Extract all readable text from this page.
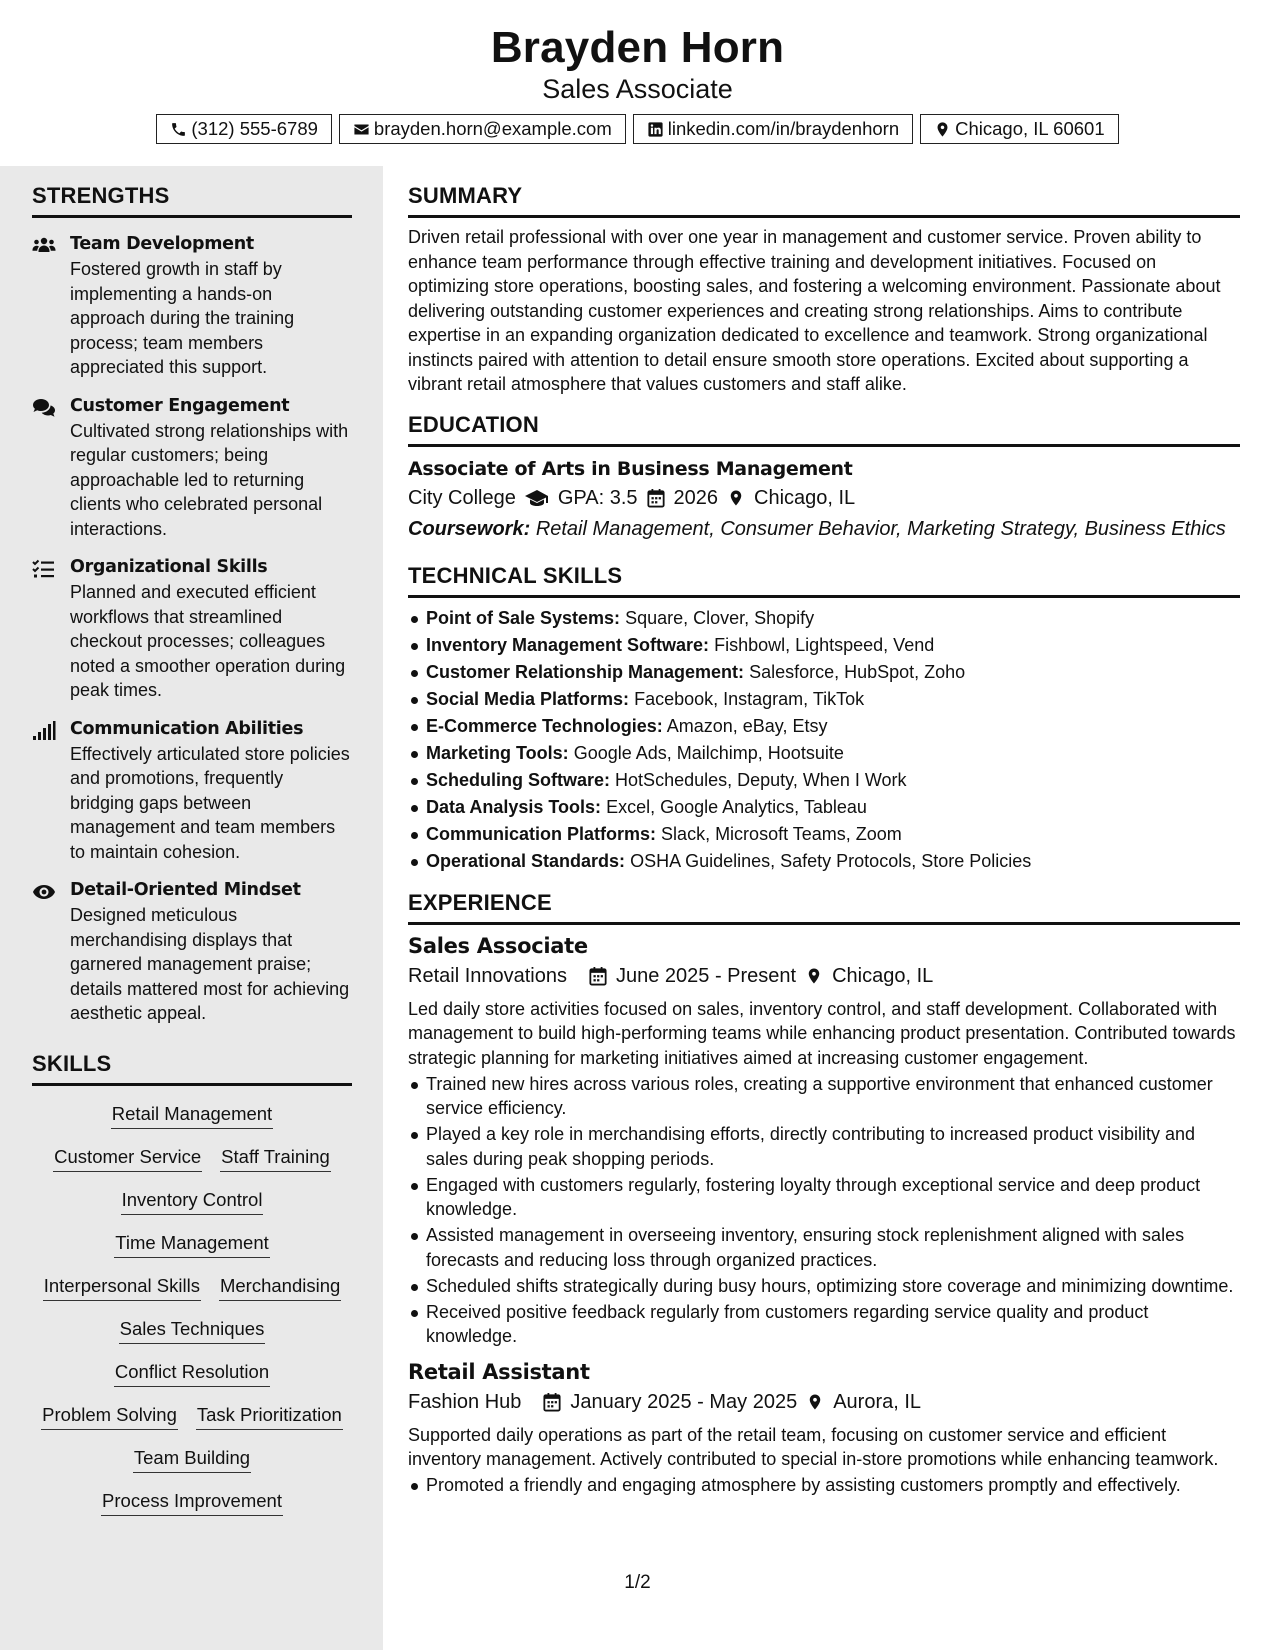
Brayden Horn
Sales Associate
(312) 555-6789	brayden.horn@example.com	linkedin.com/in/braydenhorn	Chicago, IL 60601
STRENGTHS
Team Development
Fostered growth in staff by implementing a hands-on approach during the training process; team members appreciated this support.
Customer Engagement
Cultivated strong relationships with regular customers; being approachable led to returning clients who celebrated personal interactions.
Organizational Skills
Planned and executed efficient workflows that streamlined checkout processes; colleagues noted a smoother operation during peak times.
Communication Abilities
Effectively articulated store policies and promotions, frequently bridging gaps between management and team members to maintain cohesion.
Detail-Oriented Mindset
Designed meticulous merchandising displays that garnered management praise; details mattered most for achieving aesthetic appeal.
SKILLS
Retail Management
Customer Service Staff Training
Inventory Control
Time Management
Interpersonal Skills Merchandising
Sales Techniques
Conflict Resolution
Problem Solving Task Prioritization
Team Building
Process Improvement
SUMMARY
Driven retail professional with over one year in management and customer service. Proven ability to enhance team performance through effective training and development initiatives. Focused on optimizing store operations, boosting sales, and fostering a welcoming environment. Passionate about delivering outstanding customer experiences and creating strong relationships. Aims to contribute expertise in an expanding organization dedicated to excellence and teamwork. Strong organizational instincts paired with attention to detail ensure smooth store operations. Excited about supporting a vibrant retail atmosphere that values customers and staff alike.
EDUCATION
Associate of Arts in Business Management
City College GPA: 3.5 2026 Chicago, IL
Coursework: Retail Management, Consumer Behavior, Marketing Strategy, Business Ethics
TECHNICAL SKILLS
Point of Sale Systems: Square, Clover, Shopify
Inventory Management Software: Fishbowl, Lightspeed, Vend
Customer Relationship Management: Salesforce, HubSpot, Zoho
Social Media Platforms: Facebook, Instagram, TikTok
E-Commerce Technologies: Amazon, eBay, Etsy
Marketing Tools: Google Ads, Mailchimp, Hootsuite
Scheduling Software: HotSchedules, Deputy, When I Work
Data Analysis Tools: Excel, Google Analytics, Tableau
Communication Platforms: Slack, Microsoft Teams, Zoom
Operational Standards: OSHA Guidelines, Safety Protocols, Store Policies
EXPERIENCE
Sales Associate
Retail Innovations June 2025 - Present Chicago, IL
Led daily store activities focused on sales, inventory control, and staff development. Collaborated with management to build high-performing teams while enhancing product presentation. Contributed towards strategic planning for marketing initiatives aimed at increasing customer engagement.
Trained new hires across various roles, creating a supportive environment that enhanced customer service efficiency.
Played a key role in merchandising efforts, directly contributing to increased product visibility and sales during peak shopping periods.
Engaged with customers regularly, fostering loyalty through exceptional service and deep product knowledge.
Assisted management in overseeing inventory, ensuring stock replenishment aligned with sales forecasts and reducing loss through organized practices.
Scheduled shifts strategically during busy hours, optimizing store coverage and minimizing downtime.
Received positive feedback regularly from customers regarding service quality and product knowledge.
Retail Assistant
Fashion Hub January 2025 - May 2025 Aurora, IL
Supported daily operations as part of the retail team, focusing on customer service and efficient inventory management. Actively contributed to special in-store promotions while enhancing teamwork.
Promoted a friendly and engaging atmosphere by assisting customers promptly and effectively.
1/2
